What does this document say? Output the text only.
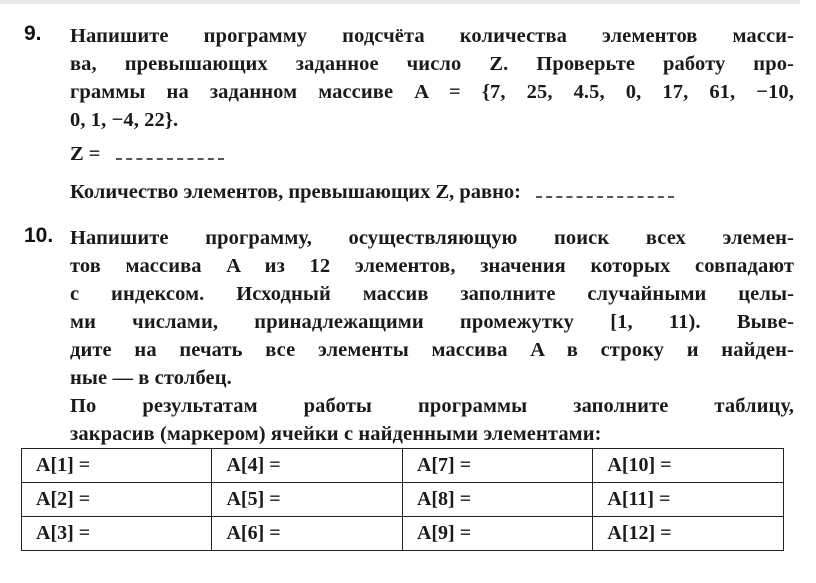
9. Напишите программу подсчёта количества элементов масси-
ва, превышающих заданное число Z. Проверьте работу про-
граммы на заданном массиве A = {7, 25, 4.5, 0, 17, 61, −10,
0, 1, −4, 22}.
Z =
Количество элементов, превышающих Z, равно:
10. Напишите программу, осуществляющую поиск всех элемен-
тов массива A из 12 элементов, значения которых совпадают
с индексом. Исходный массив заполните случайными целы-
ми числами, принадлежащими промежутку [1, 11). Выве-
дите на печать все элементы массива A в строку и найден-
ные — в столбец.
По результатам работы программы заполните таблицу,
закрасив (маркером) ячейки с найденными элементами:
A[1] =	A[4] =	A[7] =	A[10] =
A[2] =	A[5] =	A[8] =	A[11] =
A[3] =	A[6] =	A[9] =	A[12] =
